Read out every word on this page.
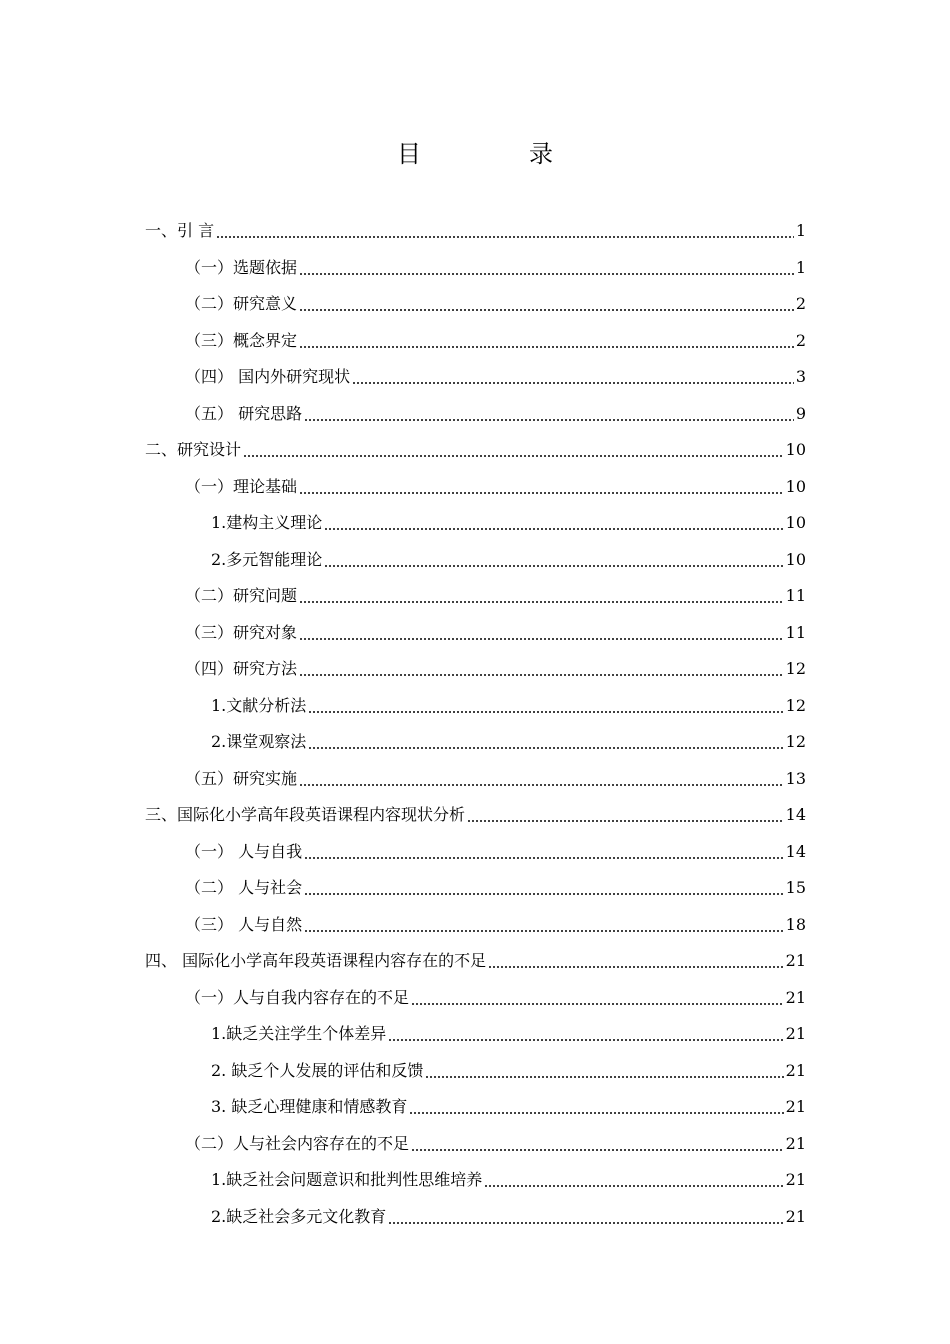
目　录
一、引 言	1
（一）选题依据	1
（二）研究意义	2
（三）概念界定	2
（四） 国内外研究现状	3
（五） 研究思路	9
二、研究设计	10
（一）理论基础	10
1.建构主义理论	10
2.多元智能理论	10
（二）研究问题	11
（三）研究对象	11
（四）研究方法	12
1.文献分析法	12
2.课堂观察法	12
（五）研究实施	13
三、国际化小学高年段英语课程内容现状分析	14
（一） 人与自我	14
（二） 人与社会	15
（三） 人与自然	18
四、 国际化小学高年段英语课程内容存在的不足	21
（一）人与自我内容存在的不足	21
1.缺乏关注学生个体差异	21
2. 缺乏个人发展的评估和反馈	21
3. 缺乏心理健康和情感教育	21
（二）人与社会内容存在的不足	21
1.缺乏社会问题意识和批判性思维培养	21
2.缺乏社会多元文化教育	21
